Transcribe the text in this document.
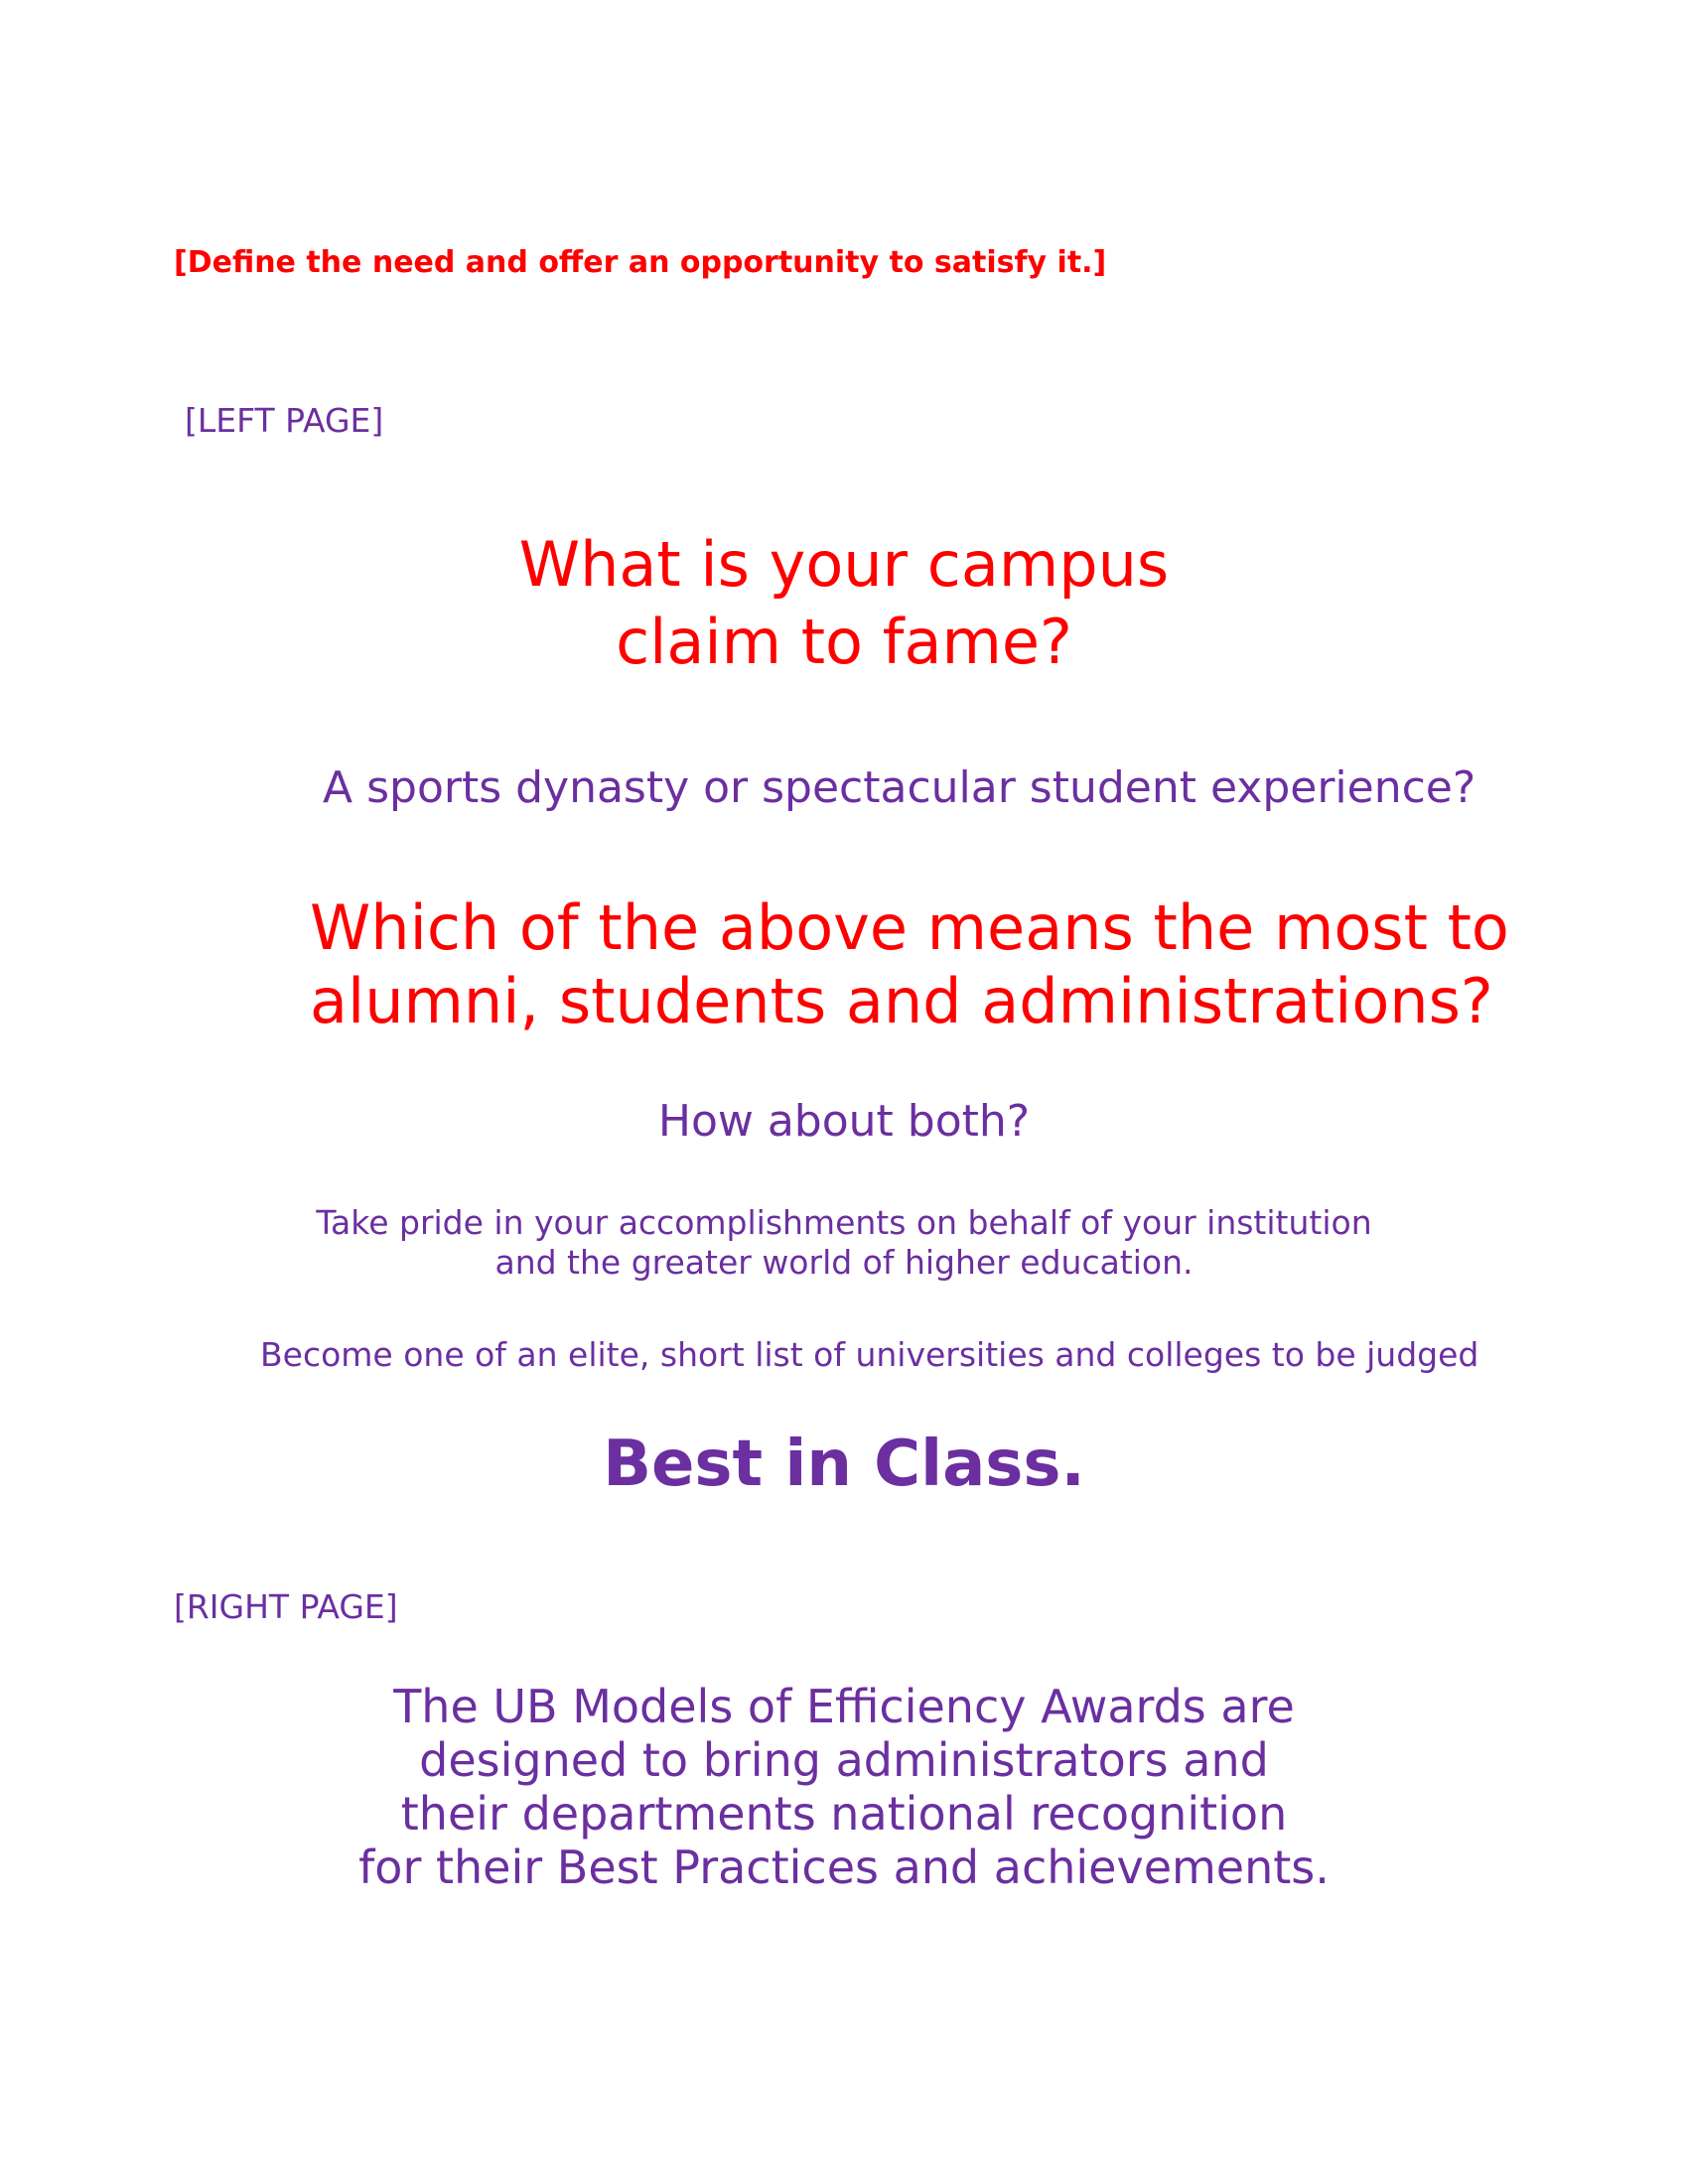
[Define the need and offer an opportunity to satisfy it.]

[LEFT PAGE]

What is your campus
claim to fame?

A sports dynasty or spectacular student experience?

Which of the above means the most to
alumni, students and administrations?

How about both?

Take pride in your accomplishments on behalf of your institution
and the greater world of higher education.

Become one of an elite, short list of universities and colleges to be judged

Best in Class.

[RIGHT PAGE]

The UB Models of Efficiency Awards are
designed to bring administrators and
their departments national recognition
for their Best Practices and achievements.
